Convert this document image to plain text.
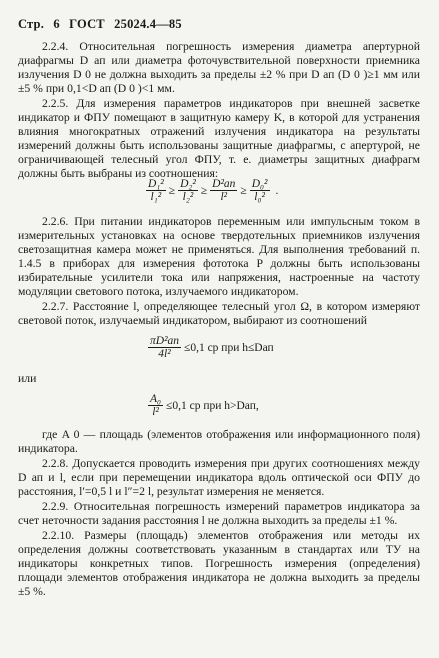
Стр. 6 ГОСТ 25024.4—85

2.2.4. Относительная погрешность измерения диаметра апертурной диафрагмы D ап или диаметра фоточувствительной поверхности приемника излучения D 0 не должна выходить за пределы ±2 % при D ап (D 0 )≥1 мм или ±5 % при 0,1<D ап (D 0 )<1 мм.

2.2.5. Для измерения параметров индикаторов при внешней засветке индикатор и ФПУ помещают в защитную камеру K, в которой для устранения влияния многократных отражений излучения индикатора на результаты измерений должны быть использованы защитные диафрагмы, с апертурой, не ограничивающей телесный угол ФПУ, т. е. диаметры защитных диафрагм должны быть выбраны из соотношения:

$\frac{\text{D₁²}}{\text{l₁²}} \ge \frac{\text{D₂²}}{\text{l₂²}} \ge \frac{\text{D²ап}}{\text{l²}} \ge \frac{\text{D₀²}}{\text{l₀²}}$ .

2.2.6. При питании индикаторов переменным или импульсным током в измерительных установках на основе твердотельных приемников излучения светозащитная камера может не применяться. Для выполнения требований п. 1.4.5 в приборах для измерения фототока P должны быть использованы избирательные усилители тока или напряжения, настроенные на частоту модуляции светового потока, излучаемого индикатором.

2.2.7. Расстояние l, определяющее телесный угол Ω, в котором измеряют световой поток, излучаемый индикатором, выбирают из соотношений

$\frac{\text{πD²ап}}{\text{4l²}} \le 0,1$ ср при h≤Dап
или
$\frac{\text{A₀}}{\text{l²}} \le 0,1$ ср при h>Dап,

где A 0 — площадь (элементов отображения или информационного поля) индикатора.

2.2.8. Допускается проводить измерения при других соотношениях между D ап и l, если при перемещении индикатора вдоль оптической оси ФПУ до расстояния, l′=0,5 l и l″=2 l, результат измерения не меняется.

2.2.9. Относительная погрешность измерений параметров индикатора за счет неточности задания расстояния l не должна выходить за пределы ±1 %.

2.2.10. Размеры (площадь) элементов отображения или методы их определения должны соответствовать указанным в стандартах или ТУ на индикаторы конкретных типов. Погрешность измерения (определения) площади элементов отображения индикатора не должна выходить за пределы ±5 %.
